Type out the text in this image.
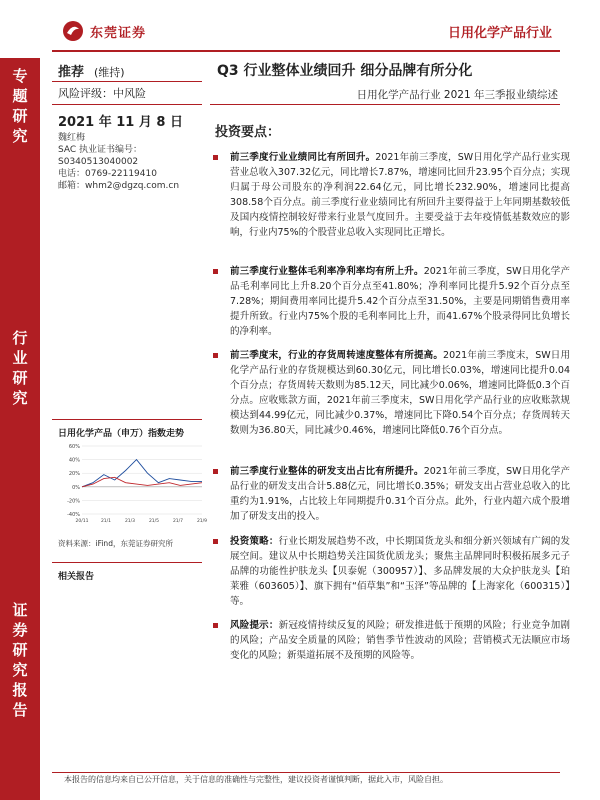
东莞证券	日用化学产品行业
专
题
研
究
行
业
研
究
证
券
研
究
报
告
推荐 (维持)
风险评级：中风险
2021 年 11 月 8 日
魏红梅
SAC 执业证书编号：
S0340513040002
电话：0769-22119410
邮箱：whm2@dgzq.com.cn
Q3 行业整体业绩回升 细分品牌有所分化
日用化学产品行业 2021 年三季报业绩综述
投资要点：
日用化学产品（申万）指数走势
60%
40%
20%
0%
-20%
-40%
20/11	21/1	21/3	21/5	21/7	21/9
资料来源：iFind，东莞证券研究所
相关报告
前三季度行业业绩同比有所回升。2021年前三季度，SW日用化学产品行业实现营业总收入307.32亿元，同比增长7.87%，增速同比回升23.95个百分点；实现归属于母公司股东的净利润22.64亿元，同比增长232.90%，增速同比提高308.58个百分点。前三季度行业业绩同比有所回升主要得益于上年同期基数较低及国内疫情控制较好带来行业景气度回升。主要受益于去年疫情低基数效应的影响，行业内75%的个股营业总收入实现同比正增长。
前三季度行业整体毛利率净利率均有所上升。2021年前三季度，SW日用化学产品毛利率同比上升8.20个百分点至41.80%；净利率同比提升5.92个百分点至7.28%；期间费用率同比提升5.42个百分点至31.50%，主要是同期销售费用率提升所致。行业内75%个股的毛利率同比上升，而41.67%个股录得同比负增长的净利率。
前三季度末，行业的存货周转速度整体有所提高。2021年前三季度末，SW日用化学产品行业的存货规模达到60.30亿元，同比增长0.03%，增速同比提升0.04个百分点；存货周转天数则为85.12天，同比减少0.06%，增速同比降低0.3个百分点。应收账款方面，2021年前三季度末，SW日用化学产品行业的应收账款规模达到44.99亿元，同比减少0.37%，增速同比下降0.54个百分点；存货周转天数则为36.80天，同比减少0.46%，增速同比降低0.76个百分点。
前三季度行业整体的研发支出占比有所提升。2021年前三季度，SW日用化学产品行业的研发支出合计5.88亿元，同比增长0.35%；研发支出占营业总收入的比重约为1.91%，占比较上年同期提升0.31个百分点。此外，行业内超六成个股增加了研发支出的投入。
投资策略：行业长期发展趋势不改，中长期国货龙头和细分新兴领域有广阔的发展空间。建议从中长期趋势关注国货优质龙头；聚焦主品牌同时积极拓展多元子品牌的功能性护肤龙头【贝泰妮（300957）】、多品牌发展的大众护肤龙头【珀莱雅（603605）】、旗下拥有“佰草集”和“玉泽”等品牌的【上海家化（600315）】等。
风险提示：新冠疫情持续反复的风险；研发推进低于预期的风险；行业竞争加剧的风险；产品安全质量的风险；销售季节性波动的风险；营销模式无法顺应市场变化的风险；新渠道拓展不及预期的风险等。
本报告的信息均来自已公开信息，关于信息的准确性与完整性，建议投资者谨慎判断，据此入市，风险自担。
